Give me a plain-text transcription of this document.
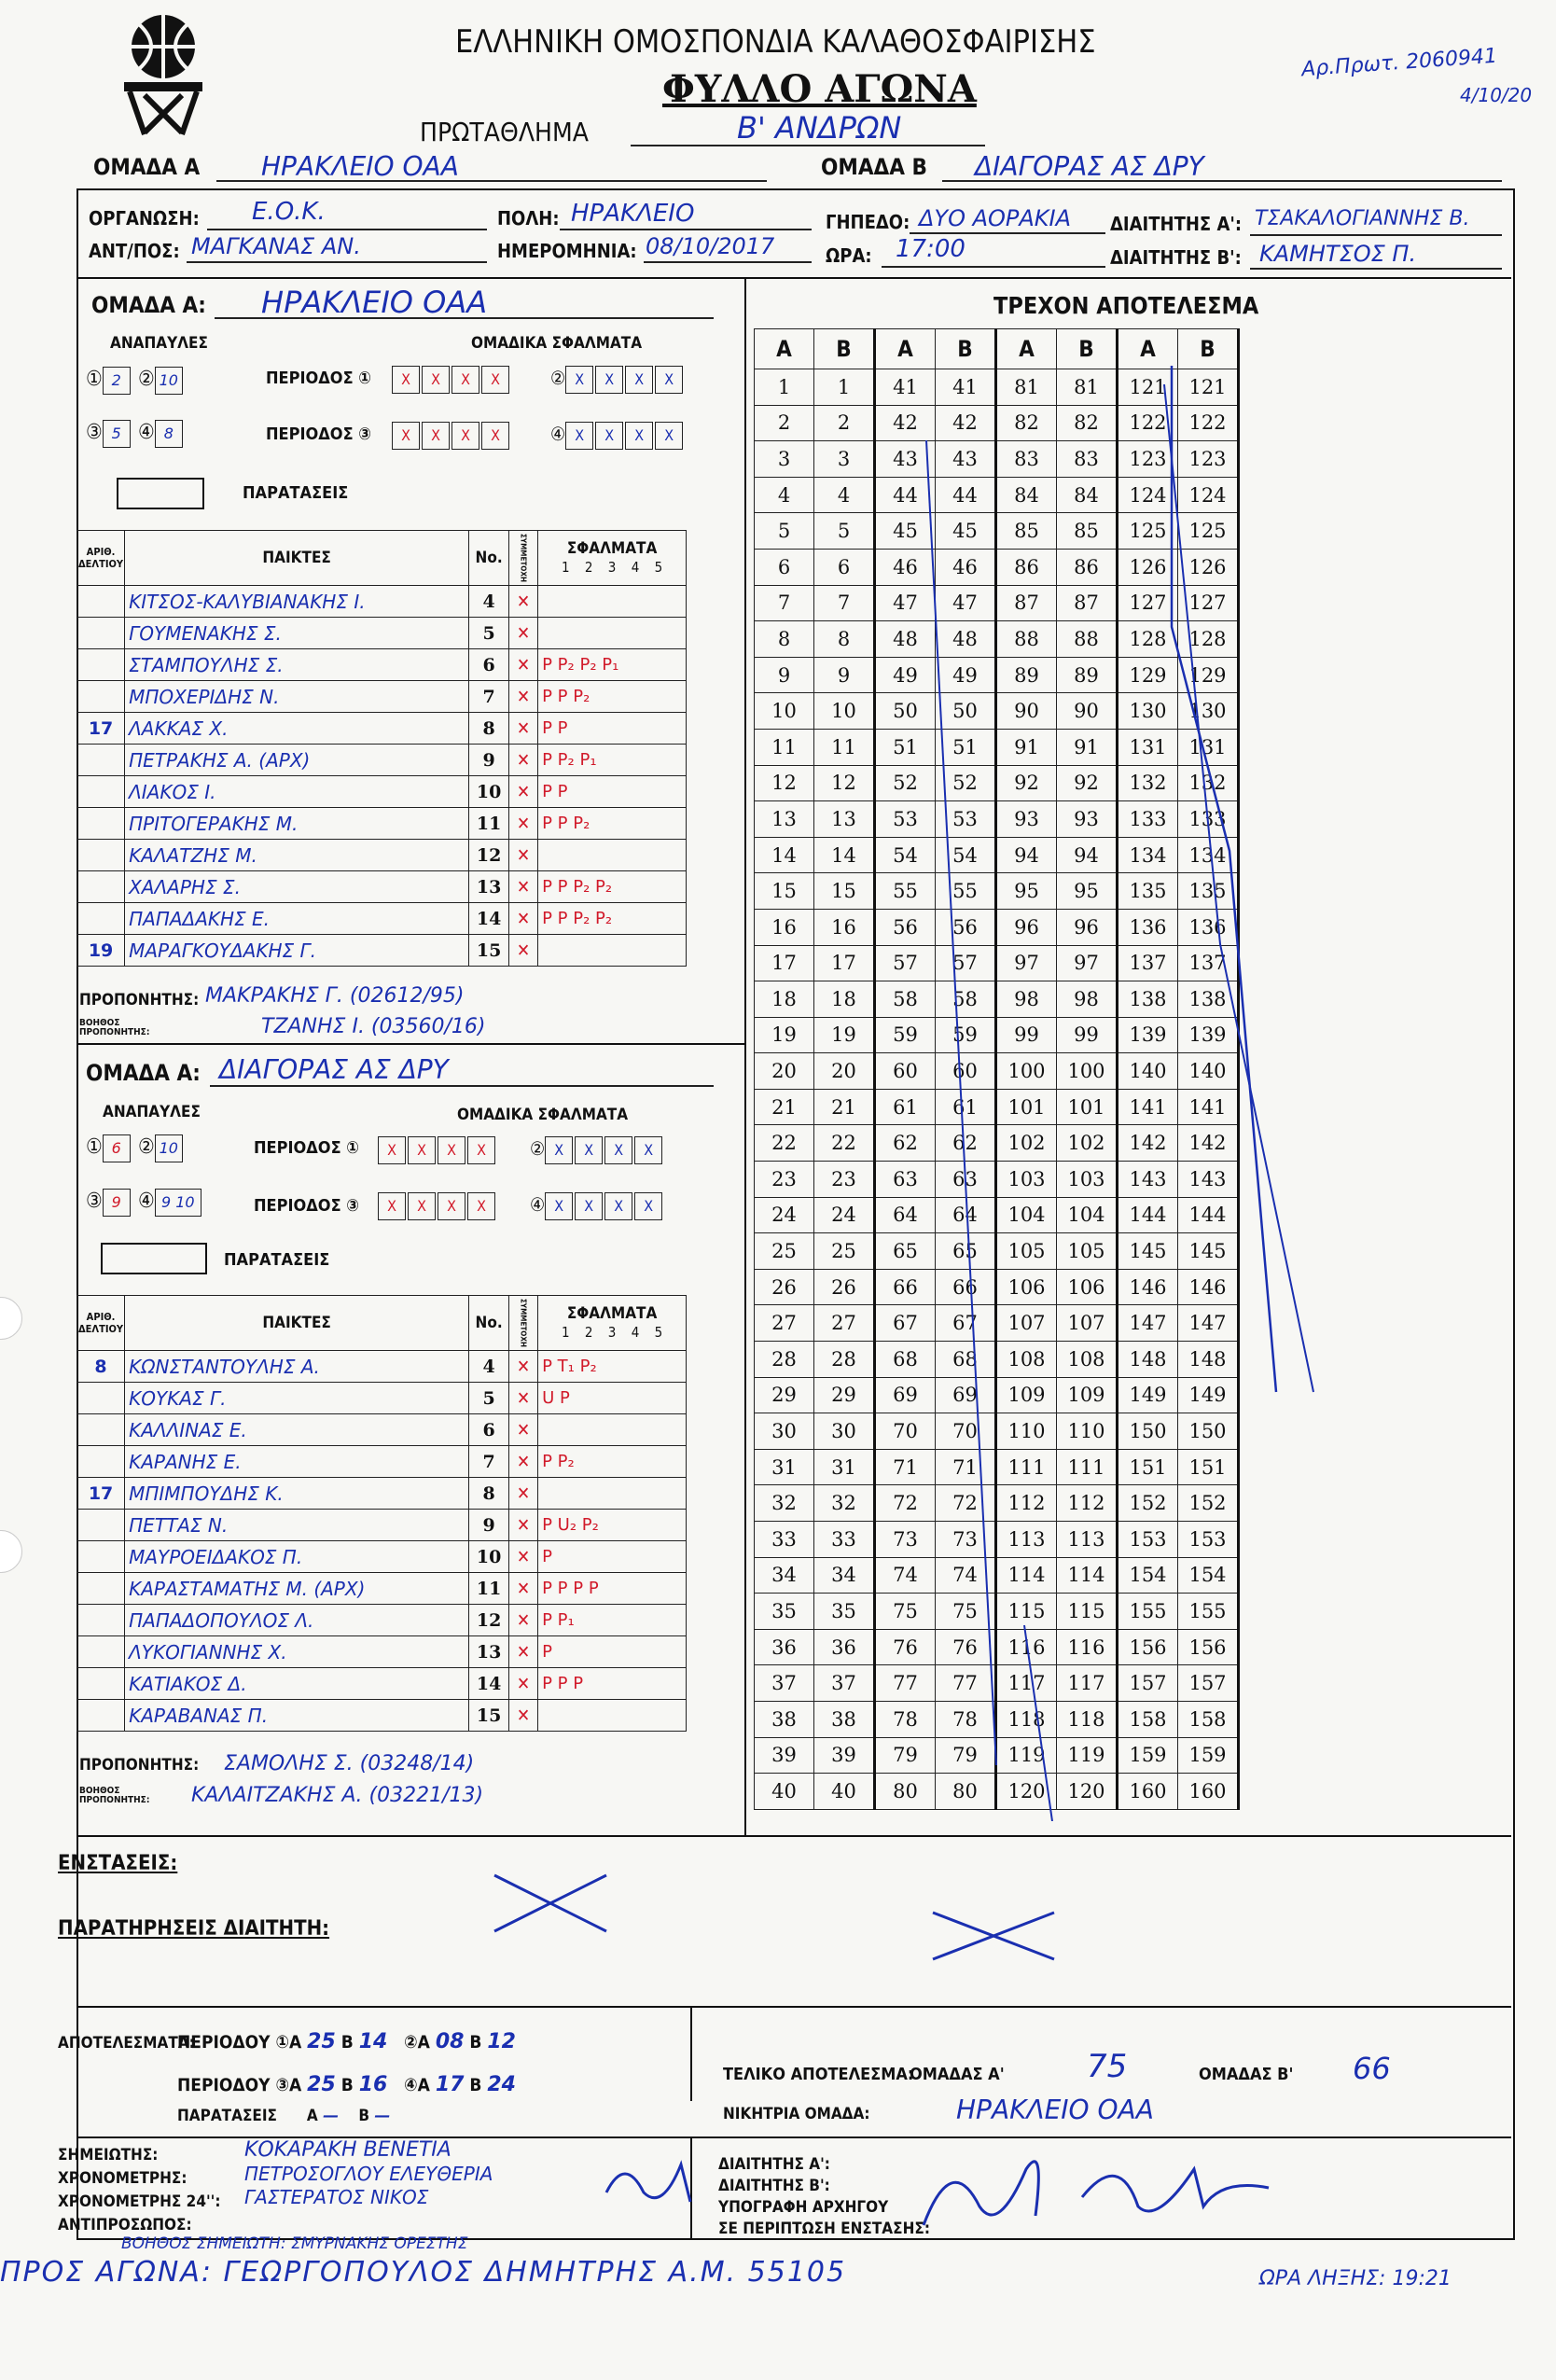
ΕΛΛΗΝΙΚΗ ΟΜΟΣΠΟΝΔΙΑ ΚΑΛΑΘΟΣΦΑΙΡΙΣΗΣ
ΦΥΛΛΟ ΑΓΩΝΑ
Αρ.Πρωτ. 2060941
4/10/20
ΠΡΩΤΑΘΛΗΜΑ	Β' ΑΝΔΡΩΝ
ΟΜΑΔΑ Α ΗΡΑΚΛΕΙΟ ΟΑΑ	ΟΜΑΔΑ Β ΔΙΑΓΟΡΑΣ ΑΣ ΔΡΥ
ΟΡΓΑΝΩΣΗ: Ε.Ο.Κ.	ΠΟΛΗ: ΗΡΑΚΛΕΙΟ	ΓΗΠΕΔΟ: ΔΥΟ ΑΟΡΑΚΙΑ ΔΙΑΙΤΗΤΗΣ Α': ΤΣΑΚΑΛΟΓΙΑΝΝΗΣ Β.
ΑΝΤ/ΠΟΣ: ΜΑΓΚΑΝΑΣ ΑΝ.	ΗΜΕΡΟΜΗΝΙΑ: 08/10/2017	ΩΡΑ: 17:00	ΔΙΑΙΤΗΤΗΣ Β': ΚΑΜΗΤΣΟΣ Π.
ΟΜΑΔΑ Α: ΗΡΑΚΛΕΙΟ ΟΑΑ
ΑΝΑΠΑΥΛΕΣ	ΟΜΑΔΙΚΑ ΣΦΑΛΜΑΤΑ
① 2 ② 10
③ 5 ④ 8
ΠΕΡΙΟΔΟΣ ①
ΠΕΡΙΟΔΟΣ ③
X X X X	② X X X X
X X X X	④ X X X X
ΠΑΡΑΤΑΣΕΙΣ
ΑΡΙΘ. ΔΕΛΤΙΟΥ	ΠΑΙΚΤΕΣ	No.	ΣΥΜΜΕΤΟΧΗ	ΣΦΑΛΜΑΤΑ
1 2 3 4 5
	ΚΙΤΣΟΣ-ΚΑΛΥΒΙΑΝΑΚΗΣ Ι.	4	✕	
	ΓΟΥΜΕΝΑΚΗΣ Σ.	5	✕	
	ΣΤΑΜΠΟΥΛΗΣ Σ.	6	✕	P P₂ P₂ P₁
	ΜΠΟΧΕΡΙΔΗΣ Ν.	7	✕	P P P₂
17	ΛΑΚΚΑΣ Χ.	8	✕	P P
	ΠΕΤΡΑΚΗΣ Α. (ΑΡΧ)	9	✕	P P₂ P₁
	ΛΙΑΚΟΣ Ι.	10	✕	P P
	ΠΡΙΤΟΓΕΡΑΚΗΣ Μ.	11	✕	P P P₂
	ΚΑΛΑΤΖΗΣ Μ.	12	✕	
	ΧΑΛΑΡΗΣ Σ.	13	✕	P P P₂ P₂
	ΠΑΠΑΔΑΚΗΣ Ε.	14	✕	P P P₂ P₂
19	ΜΑΡΑΓΚΟΥΔΑΚΗΣ Γ.	15	✕	
ΠΡΟΠΟΝΗΤΗΣ: ΜΑΚΡΑΚΗΣ Γ. (02612/95)
ΒΟΗΘΟΣ ΠΡΟΠΟΝΗΤΗΣ:	ΤΖΑΝΗΣ Ι. (03560/16)
ΟΜΑΔΑ Α: ΔΙΑΓΟΡΑΣ ΑΣ ΔΡΥ
ΑΝΑΠΑΥΛΕΣ	ΟΜΑΔΙΚΑ ΣΦΑΛΜΑΤΑ
① 6 ② 10
③ 9 ④ 9 10
ΠΕΡΙΟΔΟΣ ①
ΠΕΡΙΟΔΟΣ ③
X X X X	② X X X X
X X X X	④ X X X X
ΠΑΡΑΤΑΣΕΙΣ
ΑΡΙΘ. ΔΕΛΤΙΟΥ	ΠΑΙΚΤΕΣ	No.	ΣΥΜΜΕΤΟΧΗ	ΣΦΑΛΜΑΤΑ
1 2 3 4 5
8	ΚΩΝΣΤΑΝΤΟΥΛΗΣ Α.	4	✕	P T₁ P₂
	ΚΟΥΚΑΣ Γ.	5	✕	U P
	ΚΑΛΛΙΝΑΣ Ε.	6	✕	
	ΚΑΡΑΝΗΣ Ε.	7	✕	P P₂
17	ΜΠΙΜΠΟΥΔΗΣ Κ.	8	✕	
	ΠΕΤΤΑΣ Ν.	9	✕	P U₂ P₂
	ΜΑΥΡΟΕΙΔΑΚΟΣ Π.	10	✕	P
	ΚΑΡΑΣΤΑΜΑΤΗΣ Μ. (ΑΡΧ)	11	✕	P P P P
	ΠΑΠΑΔΟΠΟΥΛΟΣ Λ.	12	✕	P P₁
	ΛΥΚΟΓΙΑΝΝΗΣ Χ.	13	✕	P
	ΚΑΤΙΑΚΟΣ Δ.	14	✕	P P P
	ΚΑΡΑΒΑΝΑΣ Π.	15	✕	
ΠΡΟΠΟΝΗΤΗΣ: ΣΑΜΟΛΗΣ Σ. (03248/14)
ΒΟΗΘΟΣ ΠΡΟΠΟΝΗΤΗΣ: ΚΑΛΑΙΤΖΑΚΗΣ Α. (03221/13)
ΤΡΕΧΟΝ ΑΠΟΤΕΛΕΣΜΑ
Α	Β	Α	Β	Α	Β	Α	Β
1	1	41	41	81	81	121	121
2	2	42	42	82	82	122	122
3	3	43	43	83	83	123	123
4	4	44	44	84	84	124	124
5	5	45	45	85	85	125	125
6	6	46	46	86	86	126	126
7	7	47	47	87	87	127	127
8	8	48	48	88	88	128	128
9	9	49	49	89	89	129	129
10	10	50	50	90	90	130	130
11	11	51	51	91	91	131	131
12	12	52	52	92	92	132	132
13	13	53	53	93	93	133	133
14	14	54	54	94	94	134	134
15	15	55	55	95	95	135	135
16	16	56	56	96	96	136	136
17	17	57	57	97	97	137	137
18	18	58	58	98	98	138	138
19	19	59	59	99	99	139	139
20	20	60	60	100	100	140	140
21	21	61	61	101	101	141	141
22	22	62	62	102	102	142	142
23	23	63	63	103	103	143	143
24	24	64	64	104	104	144	144
25	25	65	65	105	105	145	145
26	26	66	66	106	106	146	146
27	27	67	67	107	107	147	147
28	28	68	68	108	108	148	148
29	29	69	69	109	109	149	149
30	30	70	70	110	110	150	150
31	31	71	71	111	111	151	151
32	32	72	72	112	112	152	152
33	33	73	73	113	113	153	153
34	34	74	74	114	114	154	154
35	35	75	75	115	115	155	155
36	36	76	76	116	116	156	156
37	37	77	77	117	117	157	157
38	38	78	78	118	118	158	158
39	39	79	79	119	119	159	159
40	40	80	80	120	120	160	160
ΕΝΣΤΑΣΕΙΣ:
ΠΑΡΑΤΗΡΗΣΕΙΣ ΔΙΑΙΤΗΤΗ:
ΑΠΟΤΕΛΕΣΜΑΤΑ:
ΠΕΡΙΟΔΟΥ ①Α 25 Β 14   ②Α 08 Β 12
ΠΕΡΙΟΔΟΥ ③Α 25 Β 16   ④Α 17 Β 24
ΠΑΡΑΤΑΣΕΙΣ      Α —    Β —
ΤΕΛΙΚΟ ΑΠΟΤΕΛΕΣΜΑ:
ΟΜΑΔΑΣ Α'	75	ΟΜΑΔΑΣ Β' 66
ΝΙΚΗΤΡΙΑ ΟΜΑΔΑ:	ΗΡΑΚΛΕΙΟ ΟΑΑ
ΣΗΜΕΙΩΤΗΣ:	ΚΟΚΑΡΑΚΗ ΒΕΝΕΤΙΑ
ΧΡΟΝΟΜΕΤΡΗΣ:	ΠΕΤΡΟΣΟΓΛΟΥ ΕΛΕΥΘΕΡΙΑ
ΧΡΟΝΟΜΕΤΡΗΣ 24'': ΓΑΣΤΕΡΑΤΟΣ ΝΙΚΟΣ
ΑΝΤΙΠΡΟΣΩΠΟΣ:
ΒΟΗΘΟΣ ΣΗΜΕΙΩΤΗ: ΣΜΥΡΝΑΚΗΣ ΟΡΕΣΤΗΣ
ΔΙΑΙΤΗΤΗΣ Α':
ΔΙΑΙΤΗΤΗΣ Β':
ΥΠΟΓΡΑΦΗ ΑΡΧΗΓΟΥ
ΣΕ ΠΕΡΙΠΤΩΣΗ ΕΝΣΤΑΣΗΣ:
ΠΡΟΣ ΑΓΩΝΑ: ΓΕΩΡΓΟΠΟΥΛΟΣ ΔΗΜΗΤΡΗΣ Α.Μ. 55105	ΩΡΑ ΛΗΞΗΣ: 19:21
